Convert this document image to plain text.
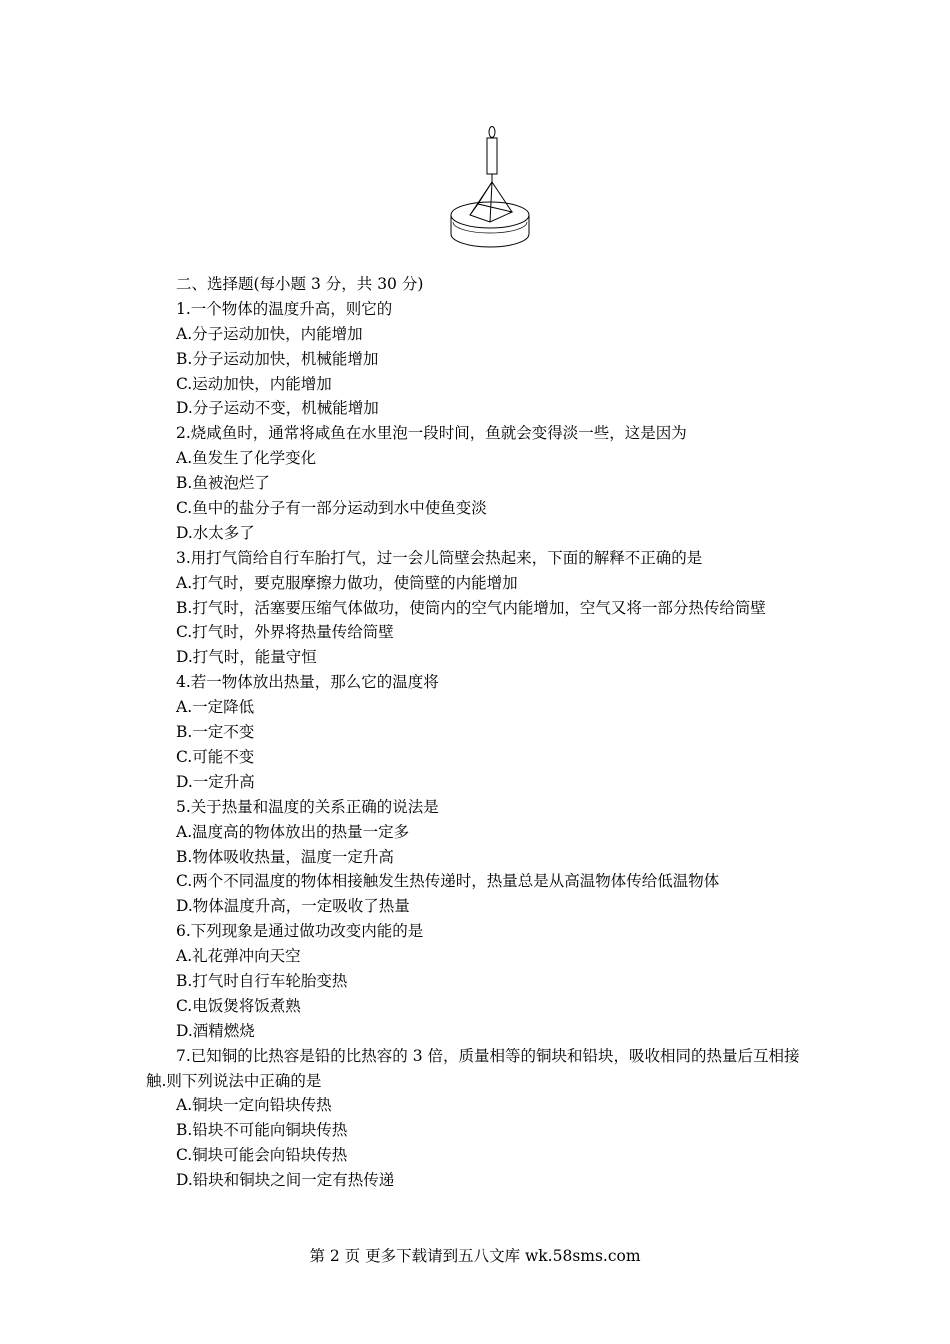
二、选择题(每小题 3 分，共 30 分)
1.一个物体的温度升高，则它的
A.分子运动加快，内能增加
B.分子运动加快，机械能增加
C.运动加快，内能增加
D.分子运动不变，机械能增加
2.烧咸鱼时，通常将咸鱼在水里泡一段时间，鱼就会变得淡一些，这是因为
A.鱼发生了化学变化
B.鱼被泡烂了
C.鱼中的盐分子有一部分运动到水中使鱼变淡
D.水太多了
3.用打气筒给自行车胎打气，过一会儿筒壁会热起来，下面的解释不正确的是
A.打气时，要克服摩擦力做功，使筒壁的内能增加
B.打气时，活塞要压缩气体做功，使筒内的空气内能增加，空气又将一部分热传给筒壁
C.打气时，外界将热量传给筒壁
D.打气时，能量守恒
4.若一物体放出热量，那么它的温度将
A.一定降低
B.一定不变
C.可能不变
D.一定升高
5.关于热量和温度的关系正确的说法是
A.温度高的物体放出的热量一定多
B.物体吸收热量，温度一定升高
C.两个不同温度的物体相接触发生热传递时，热量总是从高温物体传给低温物体
D.物体温度升高，一定吸收了热量
6.下列现象是通过做功改变内能的是
A.礼花弹冲向天空
B.打气时自行车轮胎变热
C.电饭煲将饭煮熟
D.酒精燃烧
7.已知铜的比热容是铅的比热容的 3 倍，质量相等的铜块和铅块，吸收相同的热量后互相接触.则下列说法中正确的是
A.铜块一定向铅块传热
B.铅块不可能向铜块传热
C.铜块可能会向铅块传热
D.铅块和铜块之间一定有热传递
第 2 页 更多下载请到五八文库 wk.58sms.com
